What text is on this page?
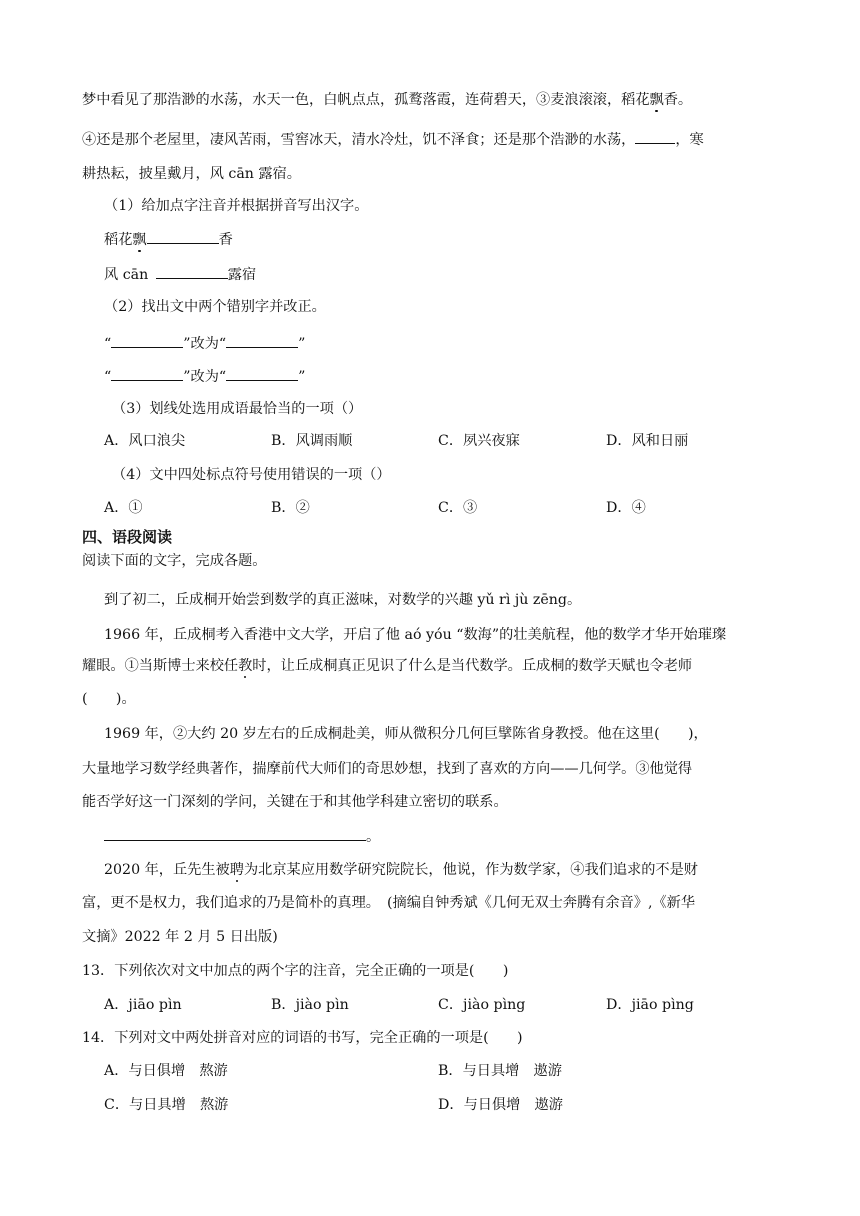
梦中看见了那浩渺的水荡，水天一色，白帆点点，孤鹜落霞，连荷碧天，③麦浪滚滚，稻花飘香。
④还是那个老屋里，凄风苦雨，雪窖冰天，清水冷灶，饥不泽食；还是那个浩渺的水荡，	，寒
耕热耘，披星戴月，风 cān 露宿。
（1）给加点字注音并根据拼音写出汉字。
稻花飘	香
风 cān	露宿
（2）找出文中两个错别字并改正。
“	”改为“	”
“	”改为“	”
（3）划线处选用成语最恰当的一项（）
A．风口浪尖	B．风调雨顺	C．夙兴夜寐	D．风和日丽
（4）文中四处标点符号使用错误的一项（）
A．①	B．②	C．③	D．④
四、语段阅读
阅读下面的文字，完成各题。
到了初二，丘成桐开始尝到数学的真正滋味，对数学的兴趣 yǔ rì jù zēng。
1966 年，丘成桐考入香港中文大学，开启了他 aó yóu “数海”的壮美航程，他的数学才华开始璀璨
耀眼。①当斯博士来校任教时，让丘成桐真正见识了什么是当代数学。丘成桐的数学天赋也令老师
(　　)。
1969 年，②大约 20 岁左右的丘成桐赴美，师从微积分几何巨擘陈省身教授。他在这里(　　)，
大量地学习数学经典著作，揣摩前代大师们的奇思妙想，找到了喜欢的方向——几何学。③他觉得
能否学好这一门深刻的学问，关键在于和其他学科建立密切的联系。
。
2020 年，丘先生被聘为北京某应用数学研究院院长，他说，作为数学家，④我们追求的不是财
富，更不是权力，我们追求的乃是简朴的真理。　(摘编自钟秀斌《几何无双士奔腾有余音》,《新华
文摘》2022 年 2 月 5 日出版)
13．下列依次对文中加点的两个字的注音，完全正确的一项是(　　)
A．jiāo pìn	B．jiào pìn	C．jiào pìng	D．jiāo pìng
14．下列对文中两处拼音对应的词语的书写，完全正确的一项是(　　)
A．与日俱增　熬游	B．与日具增　遨游
C．与日具增　熬游	D．与日俱增　遨游
